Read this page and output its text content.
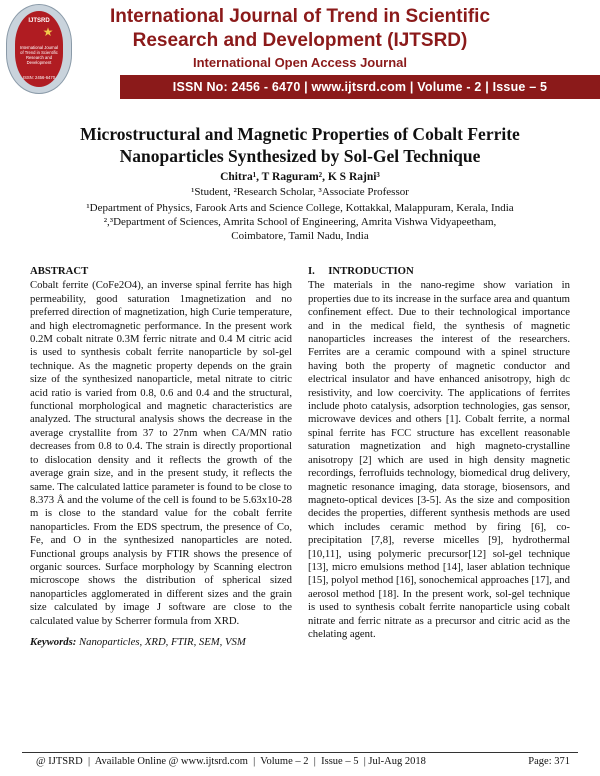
IJTSRD
★
International Journal of Trend in Scientific Research and Development
ISSN: 2456-6470
International Journal of Trend in Scientific
Research and Development (IJTSRD)
International Open Access Journal
ISSN No: 2456 - 6470 | www.ijtsrd.com | Volume - 2 | Issue – 5
Microstructural and Magnetic Properties of Cobalt Ferrite
Nanoparticles Synthesized by Sol-Gel Technique
Chitra¹, T Raguram², K S Rajni³
¹Student, ²Research Scholar, ³Associate Professor
¹Department of Physics, Farook Arts and Science College, Kottakkal, Malappuram, Kerala, India
²,³Department of Sciences, Amrita School of Engineering, Amrita Vishwa Vidyapeetham,
Coimbatore, Tamil Nadu, India
ABSTRACT
Cobalt ferrite (CoFe2O4), an inverse spinal ferrite has high permeability, good saturation 1magnetization and no preferred direction of magnetization, high Curie temperature, and high electromagnetic performance. In the present work 0.2M cobalt nitrate 0.3M ferric nitrate and 0.4 M citric acid is used to synthesis cobalt ferrite nanoparticle by sol-gel technique. As the magnetic property depends on the grain size of the synthesized nanoparticle, metal nitrate to citric acid ratio is varied from 0.8, 0.6 and 0.4 and the structural, functional morphological and magnetic characteristics are analyzed. The structural analysis shows the decrease in the average crystallite from 37 to 27nm when CA/MN ratio decreases from 0.8 to 0.4. The strain is directly proportional to dislocation density and it reflects the growth of the average grain size, and in the present study, it reflects the same. The calculated lattice parameter is found to be close to 8.373 Å and the volume of the cell is found to be 5.63x10-28 m is close to the standard value for the cobalt ferrite nanoparticles. From the EDS spectrum, the presence of Co, Fe, and O in the synthesized nanoparticles are noted. Functional groups analysis by FTIR shows the presence of organic sources. Surface morphology by Scanning electron microscope shows the distribution of spherical sized nanoparticles agglomerated in different sizes and the grain size calculated by image J software are close to the calculated value by Scherrer formula from XRD.
Keywords: Nanoparticles, XRD, FTIR, SEM, VSM
I.     INTRODUCTION
The materials in the nano-regime show variation in properties due to its increase in the surface area and quantum confinement effect. Due to their technological importance and in the medical field, the synthesis of magnetic nanoparticles increases the interest of the researchers. Ferrites are a ceramic compound with a spinel structure having both the property of magnetic conductor and electrical insulator and have enhanced anisotropy, high dc resistivity, and low coercivity. The applications of ferrites include photo catalysis, adsorption technologies, gas sensor, microwave devices and others [1]. Cobalt ferrite, a normal spinal ferrite has FCC structure has excellent reasonable saturation magnetization and high magneto-crystalline anisotropy [2] which are used in high density magnetic recordings, ferrofluids technology, biomedical drug delivery, magnetic resonance imaging, data storage, biosensors, and magneto-optical devices [3-5]. As the size and composition decides the properties, different synthesis methods are used which includes ceramic method by firing [6], co-precipitation [7,8], reverse micelles [9], hydrothermal [10,11], using polymeric precursor[12] sol-gel technique [13], micro emulsions method [14], laser ablation technique [15], polyol method [16], sonochemical approaches [17], and aerosol method [18]. In the present work, sol-gel technique is used to synthesis cobalt ferrite nanoparticle using cobalt nitrate and ferric nitrate as a precursor and citric acid as the chelating agent.
@ IJTSRD  |  Available Online @ www.ijtsrd.com  |  Volume – 2  |  Issue – 5  | Jul-Aug 2018	Page: 371
